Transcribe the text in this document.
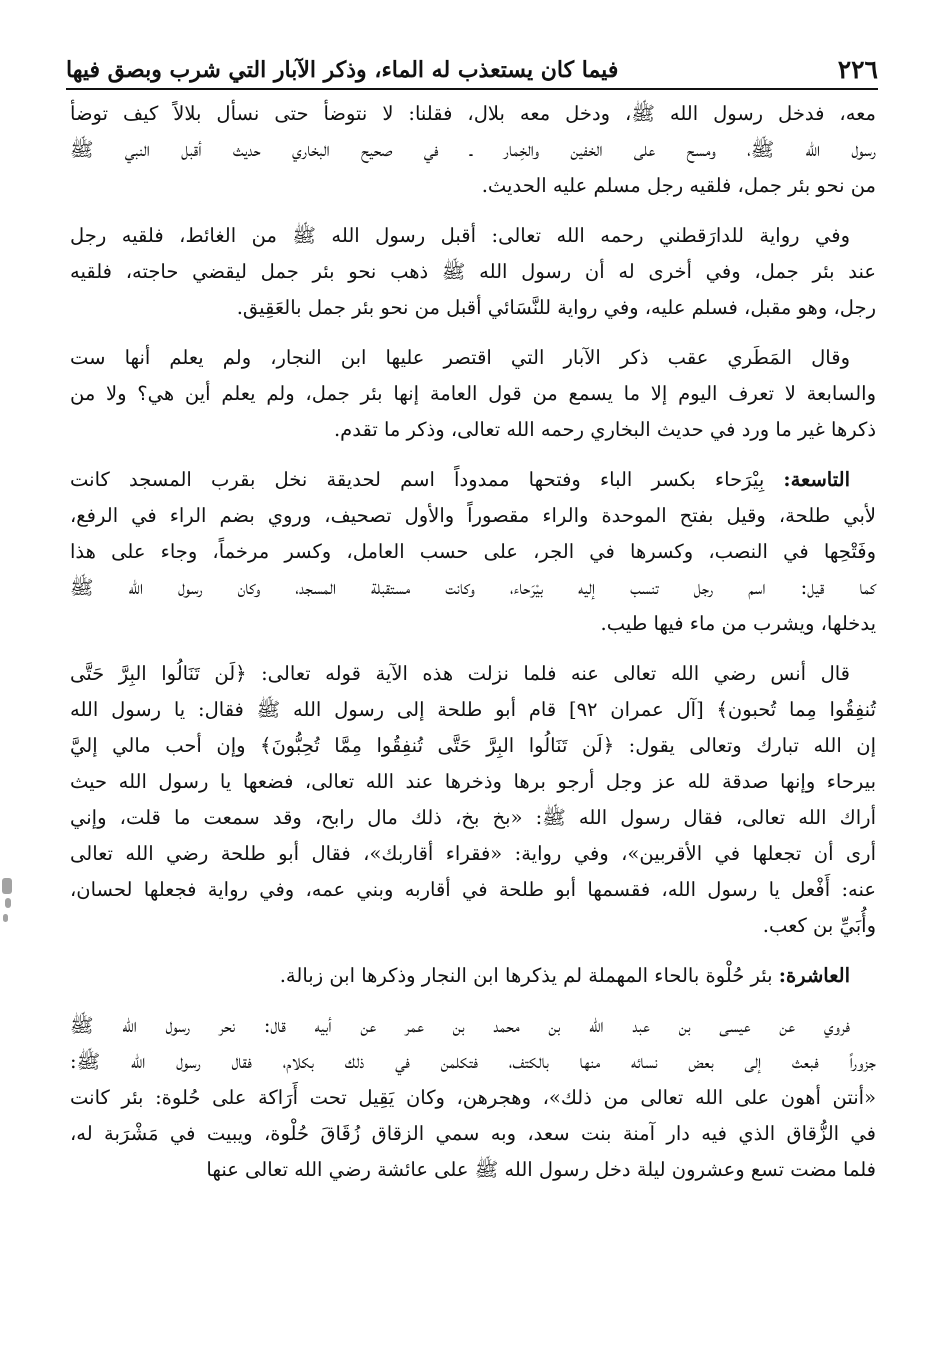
٢٢٦
فيما كان يستعذب له الماء، وذكر الآبار التي شرب وبصق فيها
معه، فدخل رسول الله ﷺ، ودخل معه بلال، فقلنا: لا نتوضأ حتى نسأل بلالاً كيف توضأ
رسول الله ﷺ، ومسح على الخفين والخِمار ـ في صحيح البخاري حديث أقبل النبي ﷺ
من نحو بئر جمل، فلقيه رجل مسلم عليه الحديث.
وفي رواية للدارَقطني رحمه الله تعالى: أقبل رسول الله ﷺ من الغائط، فلقيه رجل
عند بئر جمل، وفي أخرى له أن رسول الله ﷺ ذهب نحو بئر جمل ليقضي حاجته، فلقيه
رجل، وهو مقبل، فسلم عليه، وفي رواية للنَّسَائي أقبل من نحو بئر جمل بالعَقِيق.
وقال المَطَري عقب ذكر الآبار التي اقتصر عليها ابن النجار، ولم يعلم أنها ست
والسابعة لا تعرف اليوم إلا ما يسمع من قول العامة إنها بئر جمل، ولم يعلم أين هي؟ ولا من
ذكرها غير ما ورد في حديث البخاري رحمه الله تعالى، وذكر ما تقدم.
التاسعة: بِيْرَحاء بكسر الباء وفتحها ممدوداً اسم لحديقة نخل بقرب المسجد كانت
لأبي طلحة، وقيل بفتح الموحدة والراء مقصوراً والأول تصحيف، وروي بضم الراء في الرفع،
وفَتْحِها في النصب، وكسرها في الجر، على حسب العامل، وكسر مرخماً، وجاء على هذا
كما قيل: اسم رجل تنسب إليه بيْرَحاء، وكانت مستقبلة المسجد، وكان رسول الله ﷺ
يدخلها، ويشرب من ماء فيها طيب.
قال أنس رضي الله تعالى عنه فلما نزلت هذه الآية قوله تعالى: ﴿لَن تَنَالُوا البِرَّ حَتَّى
تُنفِقُوا مِما تُحبون﴾ [آل عمران ٩٢] قام أبو طلحة إلى رسول الله ﷺ فقال: يا رسول الله
إن الله تبارك وتعالى يقول: ﴿لَن تَنَالُوا البِرَّ حَتَّى تُنفِقُوا مِمَّا تُحِبُّونَ﴾ وإن أحب مالي إليَّ
بيرحاء وإنها صدقة لله عز وجل أرجو برها وذخرها عند الله تعالى، فضعها يا رسول الله حيث
أراك الله تعالى، فقال رسول الله ﷺ: «بخ بخ، ذلك مال رابح، وقد سمعت ما قلت، وإني
أرى أن تجعلها في الأقربين»، وفي رواية: «فقراء أقاربك»، فقال أبو طلحة رضي الله تعالى
عنه: أَفْعل يا رسول الله، فقسمها أبو طلحة في أقاربه وبني عمه، وفي رواية فجعلها لحسان،
وأُبَيِّ بن كعب.
العاشرة: بئر حُلْوة بالحاء المهملة لم يذكرها ابن النجار وذكرها ابن زبالة.
فروي عن عيسى بن عبد الله بن محمد بن عمر عن أبيه قال: نحر رسول الله ﷺ
جزوراً فبعث إلى بعض نسائه منها بالكتف، فتكلمن في ذلك بكلام، فقال رسول الله ﷺ:
«أنتن أهون على الله تعالى من ذلك»، وهجرهن، وكان يَقِيل تحت أَرَاكة على حُلوة: بئر كانت
في الزُّقاق الذي فيه دار آمنة بنت سعد، وبه سمي الزقاق زُقَاقَ حُلْوة، ويبيت في مَشْرَبة له،
فلما مضت تسع وعشرون ليلة دخل رسول الله ﷺ على عائشة رضي الله تعالى عنها
